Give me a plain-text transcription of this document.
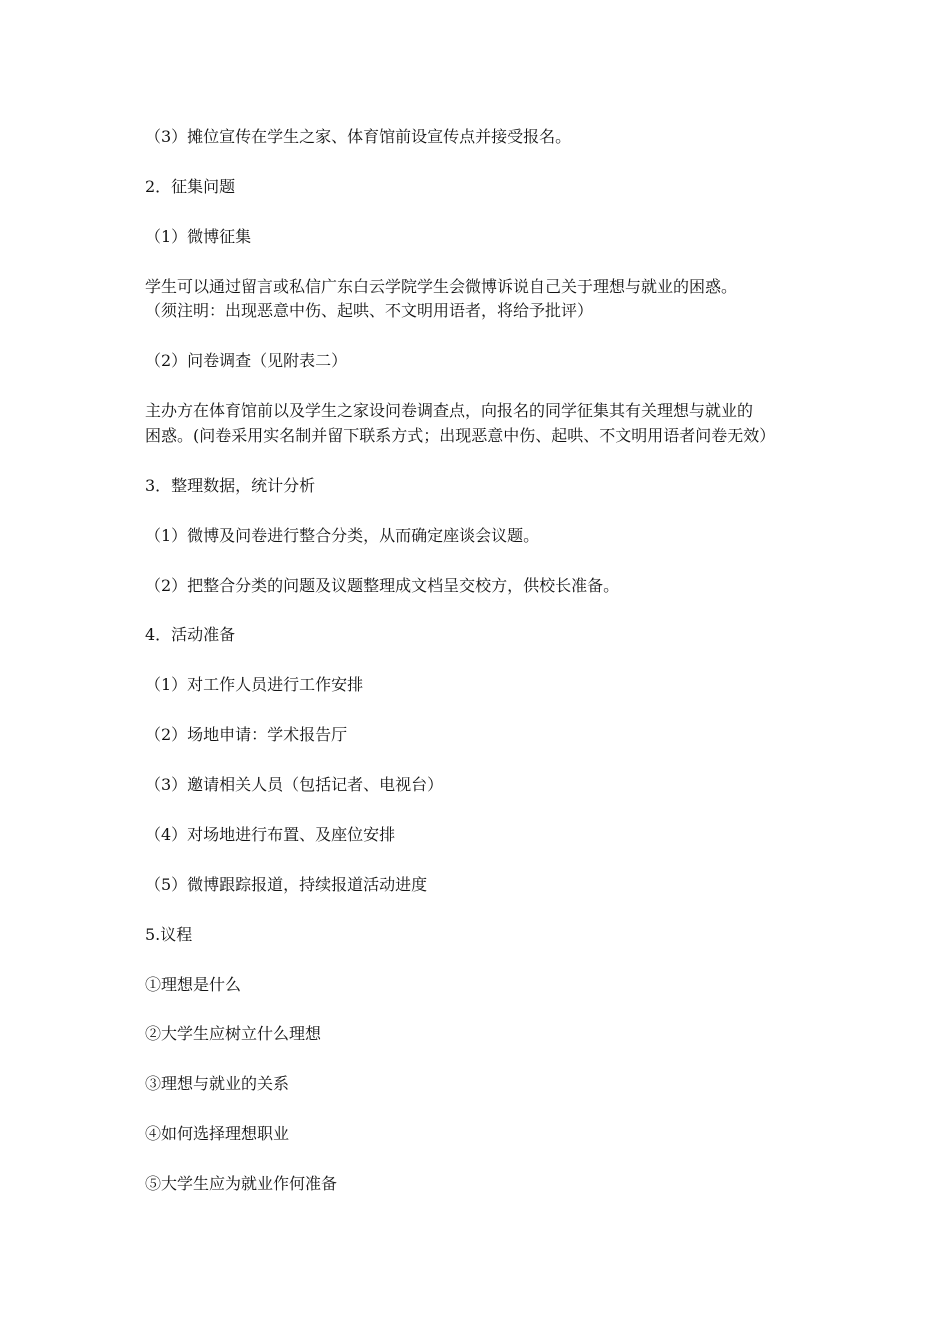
（3）摊位宣传在学生之家、体育馆前设宣传点并接受报名。
2．征集问题
（1）微博征集
学生可以通过留言或私信广东白云学院学生会微博诉说自己关于理想与就业的困惑。
（须注明：出现恶意中伤、起哄、不文明用语者，将给予批评）
（2）问卷调查（见附表二）
主办方在体育馆前以及学生之家设问卷调查点，向报名的同学征集其有关理想与就业的
困惑。(问卷采用实名制并留下联系方式；出现恶意中伤、起哄、不文明用语者问卷无效）
3．整理数据，统计分析
（1）微博及问卷进行整合分类，从而确定座谈会议题。
（2）把整合分类的问题及议题整理成文档呈交校方，供校长准备。
4．活动准备
（1）对工作人员进行工作安排
（2）场地申请：学术报告厅
（3）邀请相关人员（包括记者、电视台）
（4）对场地进行布置、及座位安排
（5）微博跟踪报道，持续报道活动进度
5.议程
①理想是什么
②大学生应树立什么理想
③理想与就业的关系
④如何选择理想职业
⑤大学生应为就业作何准备
